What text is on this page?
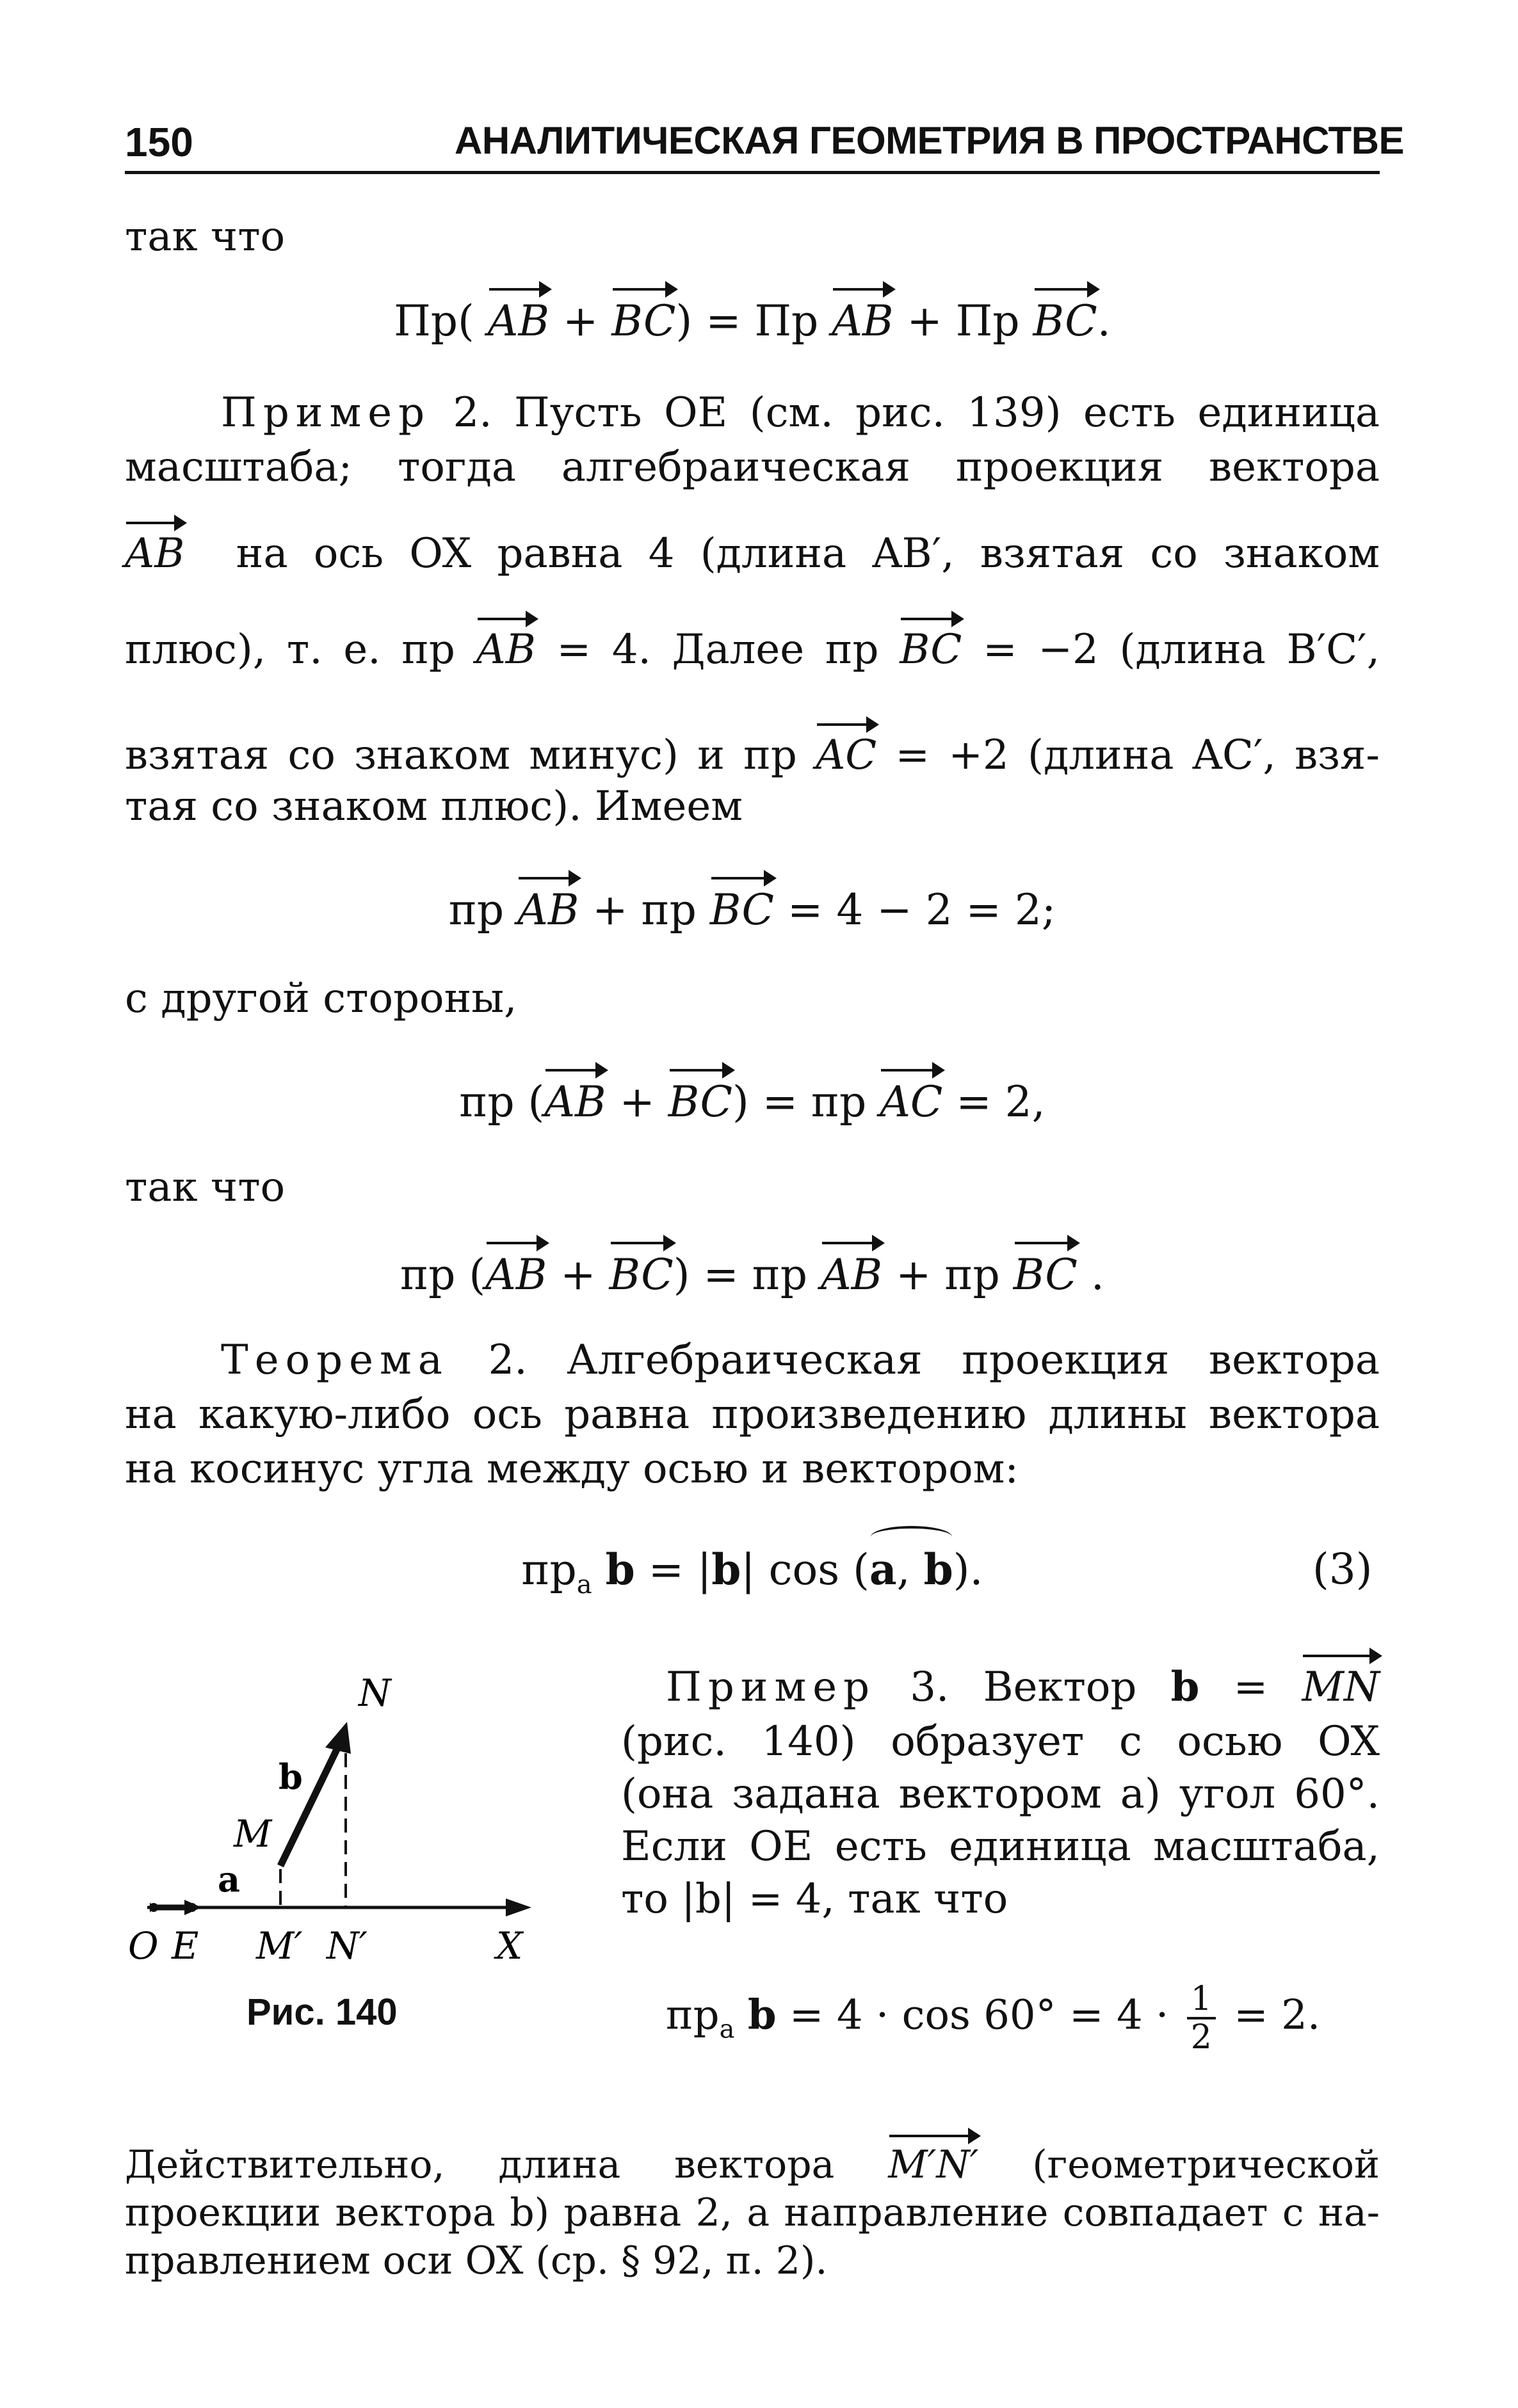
150	АНАЛИТИЧЕСКАЯ ГЕОМЕТРИЯ В ПРОСТРАНСТВЕ
так что
Пр( AB + BC) = Пр AB + Пр BC.
Пример 2. Пусть OE (см. рис. 139) есть единица
масштаба; тогда алгебраическая проекция вектора
AB на ось OX равна 4 (длина AB′, взятая со знаком
плюс), т. е. пр AB = 4. Далее пр BC = −2 (длина B′C′,
взятая со знаком минус) и пр AC = +2 (длина AC′, взя-
тая со знаком плюс). Имеем
пр AB + пр BC = 4 − 2 = 2;
с другой стороны,
пр (AB + BC) = пр AC = 2,
так что
пр (AB + BC) = пр AB + пр BC .
Теорема 2. Алгебраическая проекция вектора
на какую-либо ось равна произведению длины вектора
на косинус угла между осью и вектором:
$пр_a$ b = |b| cos (a, b).	(3)
N
b
M
a
O E M′ N′	X
Рис. 140
Пример 3. Вектор b = MN
(рис. 140) образует с осью OX
(она задана вектором a) угол 60°.
Если OE есть единица масштаба,
то |b| = 4, так что
$пр_a$ $b = 4 \cdot \cos 60^\circ = 4 \cdot \frac{1}{2} = 2$.
Действительно, длина вектора M′N′ (геометрической
проекции вектора b) равна 2, а направление совпадает с на-
правлением оси OX (ср. § 92, п. 2).
